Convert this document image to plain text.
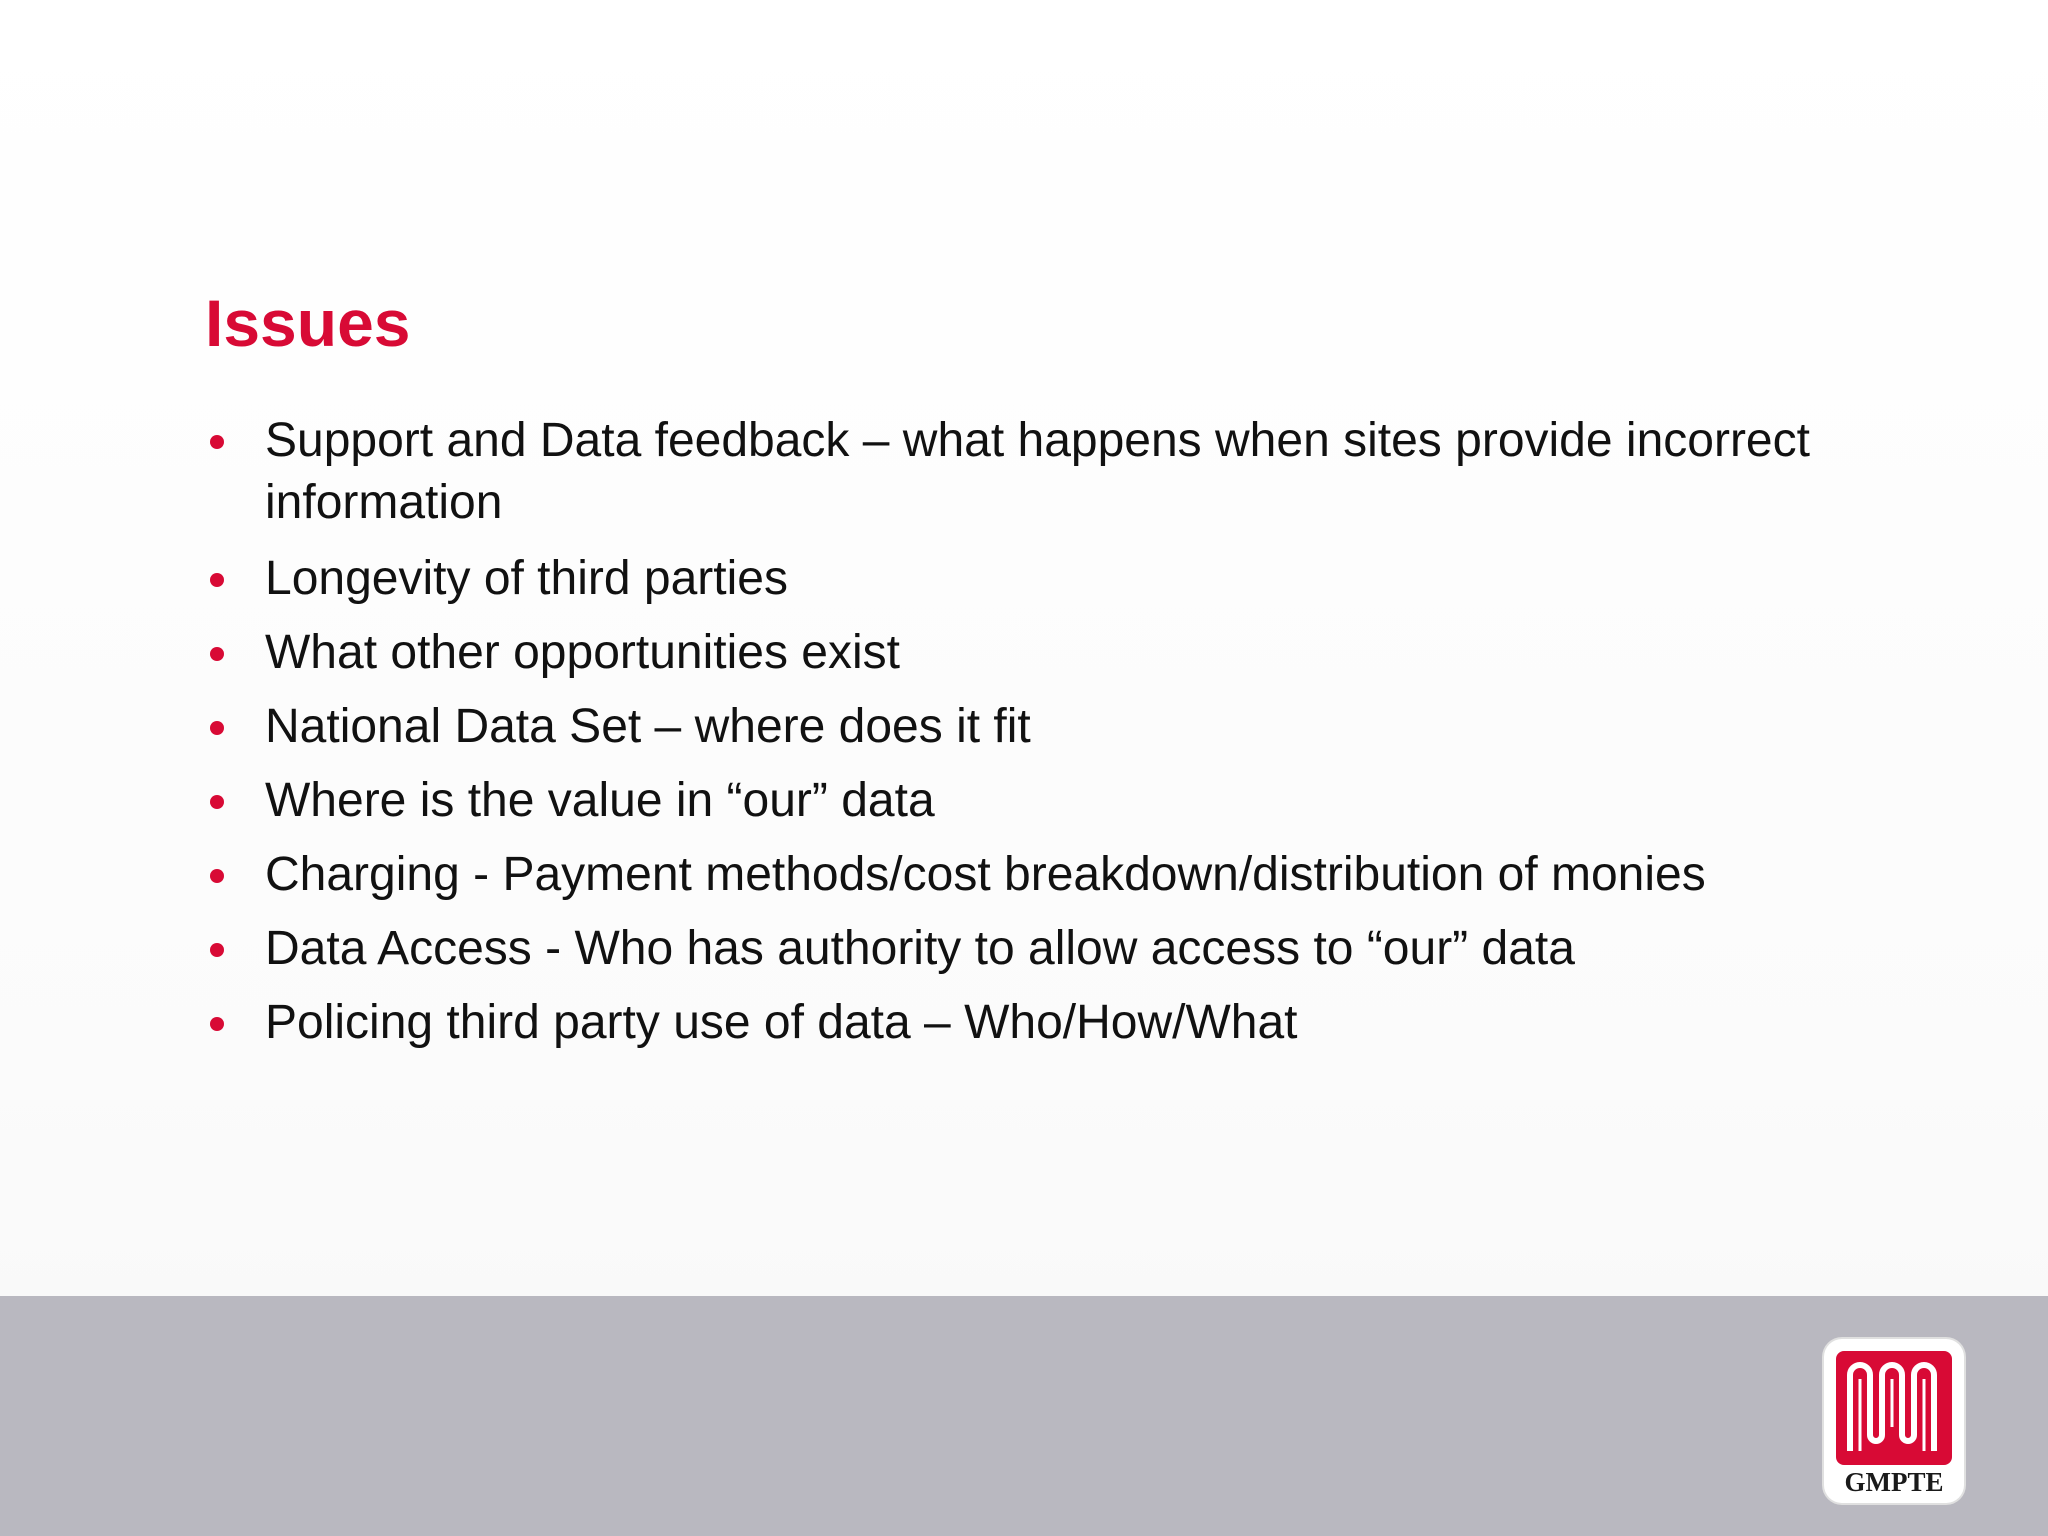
Issues
Support and Data feedback – what happens when sites provide incorrect information
Longevity of third parties
What other opportunities exist
National Data Set – where does it fit
Where is the value in “our” data
Charging - Payment methods/cost breakdown/distribution of monies
Data Access - Who has authority to allow access to “our” data
Policing third party use of data – Who/How/What
GMPTE
